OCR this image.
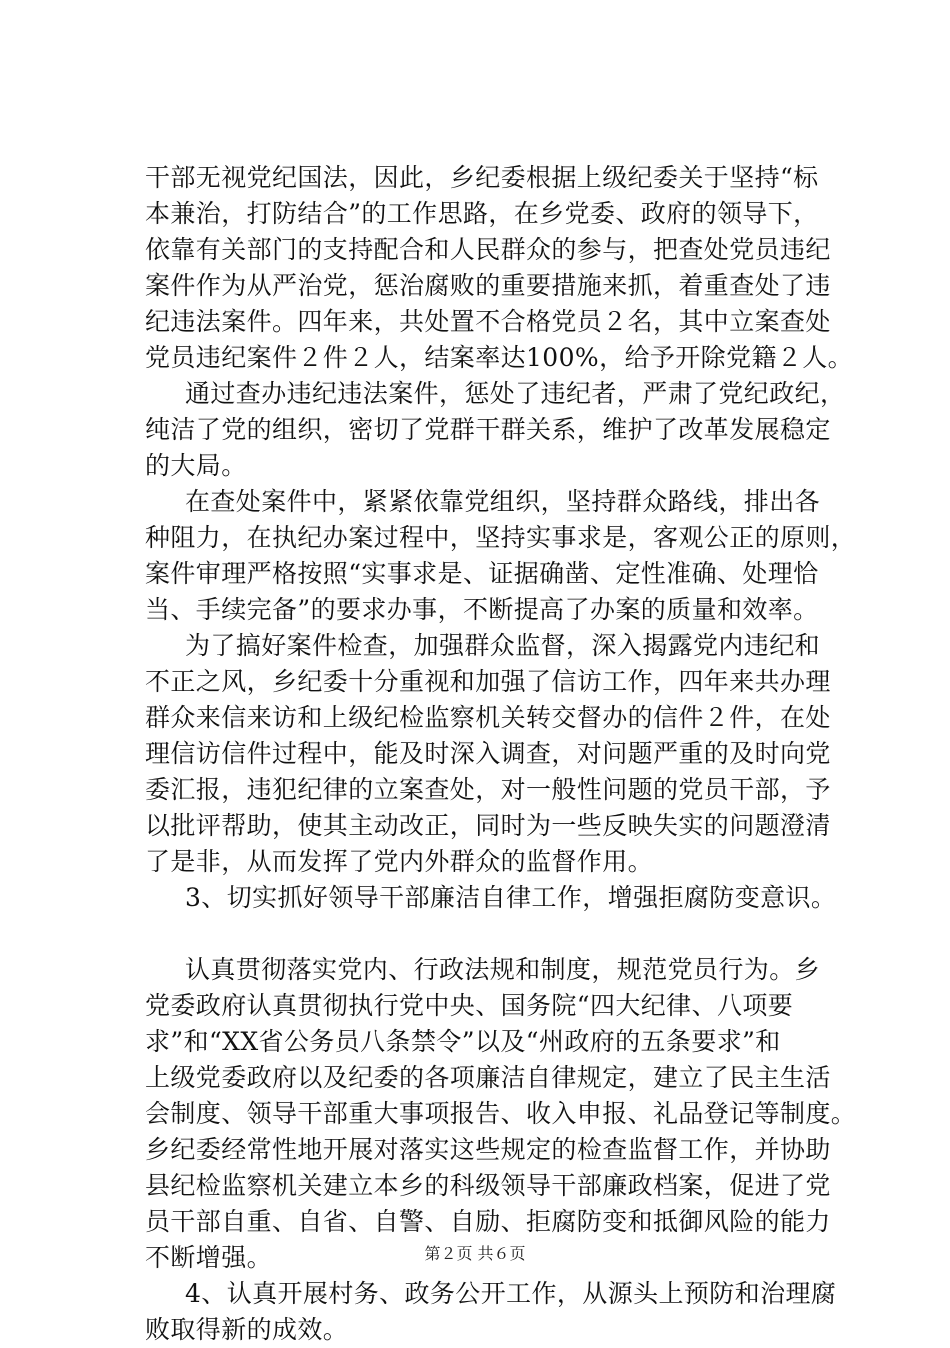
干部无视党纪国法，因此，乡纪委根据上级纪委关于坚持“标
本兼治，打防结合”的工作思路，在乡党委、政府的领导下，
依靠有关部门的支持配合和人民群众的参与，把查处党员违纪
案件作为从严治党，惩治腐败的重要措施来抓，着重查处了违
纪违法案件。四年来，共处置不合格党员２名，其中立案查处
党员违纪案件２件２人，结案率达100%，给予开除党籍２人。
通过查办违纪违法案件，惩处了违纪者，严肃了党纪政纪，
纯洁了党的组织，密切了党群干群关系，维护了改革发展稳定
的大局。
在查处案件中，紧紧依靠党组织，坚持群众路线，排出各
种阻力，在执纪办案过程中，坚持实事求是，客观公正的原则，
案件审理严格按照“实事求是、证据确凿、定性准确、处理恰
当、手续完备”的要求办事，不断提高了办案的质量和效率。
为了搞好案件检查，加强群众监督，深入揭露党内违纪和
不正之风，乡纪委十分重视和加强了信访工作，四年来共办理
群众来信来访和上级纪检监察机关转交督办的信件２件，在处
理信访信件过程中，能及时深入调查，对问题严重的及时向党
委汇报，违犯纪律的立案查处，对一般性问题的党员干部，予
以批评帮助，使其主动改正，同时为一些反映失实的问题澄清
了是非，从而发挥了党内外群众的监督作用。
3、切实抓好领导干部廉洁自律工作，增强拒腐防变意识。
认真贯彻落实党内、行政法规和制度，规范党员行为。乡
党委政府认真贯彻执行党中央、国务院“四大纪律、八项要
求”和“XX省公务员八条禁令”以及“州政府的五条要求”和
上级党委政府以及纪委的各项廉洁自律规定，建立了民主生活
会制度、领导干部重大事项报告、收入申报、礼品登记等制度。
乡纪委经常性地开展对落实这些规定的检查监督工作，并协助
县纪检监察机关建立本乡的科级领导干部廉政档案，促进了党
员干部自重、自省、自警、自励、拒腐防变和抵御风险的能力
不断增强。
4、认真开展村务、政务公开工作，从源头上预防和治理腐
败取得新的成效。
第２页 共６页
